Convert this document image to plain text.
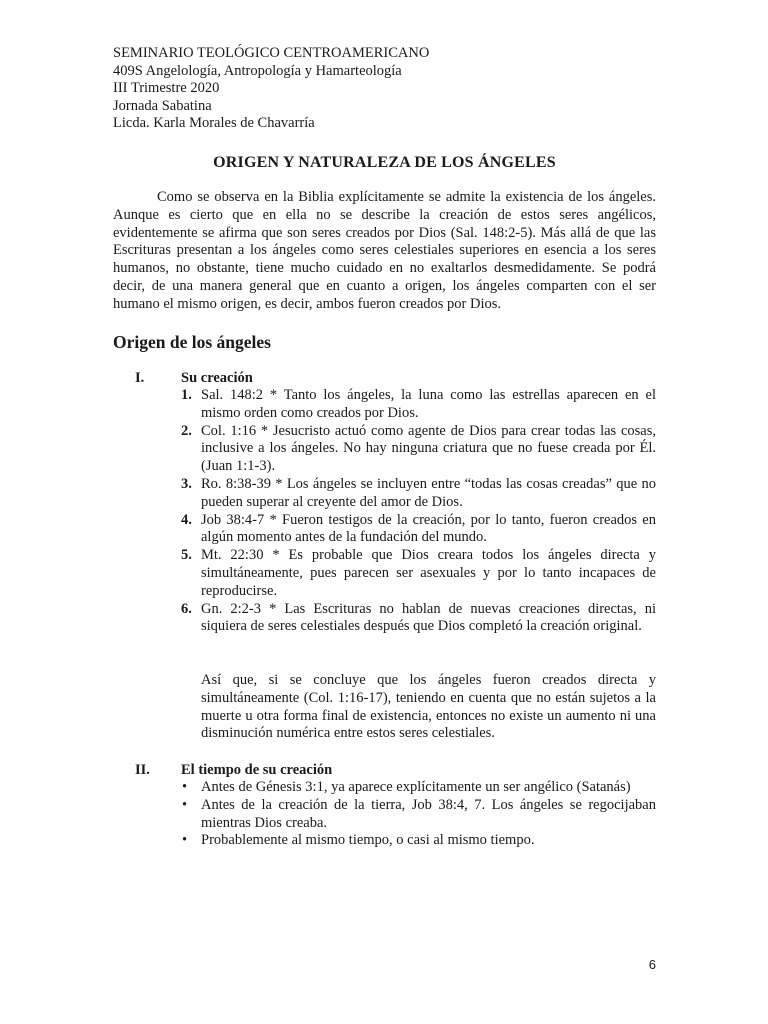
SEMINARIO TEOLÓGICO CENTROAMERICANO
409S Angelología, Antropología y Hamarteología
III Trimestre 2020
Jornada Sabatina
Licda. Karla Morales de Chavarría
ORIGEN Y NATURALEZA DE LOS ÁNGELES

Como se observa en la Biblia explícitamente se admite la existencia de los ángeles. Aunque es cierto que en ella no se describe la creación de estos seres angélicos, evidentemente se afirma que son seres creados por Dios (Sal. 148:2-5). Más allá de que las Escrituras presentan a los ángeles como seres celestiales superiores en esencia a los seres humanos, no obstante, tiene mucho cuidado en no exaltarlos desmedidamente. Se podrá decir, de una manera general que en cuanto a origen, los ángeles comparten con el ser humano el mismo origen, es decir, ambos fueron creados por Dios.

Origen de los ángeles
I.	Su creación
1. Sal. 148:2 * Tanto los ángeles, la luna como las estrellas aparecen en el mismo orden como creados por Dios.
2. Col. 1:16 * Jesucristo actuó como agente de Dios para crear todas las cosas, inclusive a los ángeles. No hay ninguna criatura que no fuese creada por Él. (Juan 1:1-3).
3. Ro. 8:38-39 * Los ángeles se incluyen entre “todas las cosas creadas” que no pueden superar al creyente del amor de Dios.
4. Job 38:4-7 * Fueron testigos de la creación, por lo tanto, fueron creados en algún momento antes de la fundación del mundo.
5. Mt. 22:30 * Es probable que Dios creara todos los ángeles directa y simultáneamente, pues parecen ser asexuales y por lo tanto incapaces de reproducirse.
6. Gn. 2:2-3 * Las Escrituras no hablan de nuevas creaciones directas, ni siquiera de seres celestiales después que Dios completó la creación original.

Así que, si se concluye que los ángeles fueron creados directa y simultáneamente (Col. 1:16-17), teniendo en cuenta que no están sujetos a la muerte u otra forma final de existencia, entonces no existe un aumento ni una disminución numérica entre estos seres celestiales.

II. El tiempo de su creación
• Antes de Génesis 3:1, ya aparece explícitamente un ser angélico (Satanás)
• Antes de la creación de la tierra, Job 38:4, 7. Los ángeles se regocijaban mientras Dios creaba.
• Probablemente al mismo tiempo, o casi al mismo tiempo.
6
